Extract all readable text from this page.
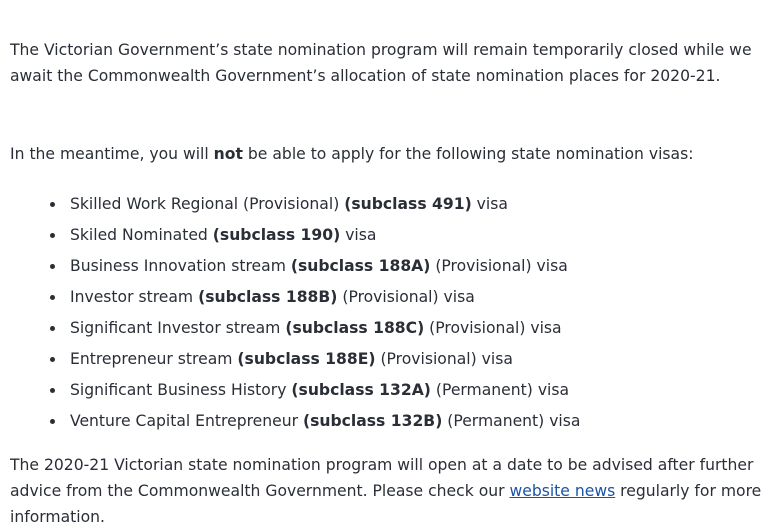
The Victorian Government’s state nomination program will remain temporarily closed while we await the Commonwealth Government’s allocation of state nomination places for 2020-21.

In the meantime, you will not be able to apply for the following state nomination visas:

Skilled Work Regional (Provisional) (subclass 491) visa
Skiled Nominated (subclass 190) visa
Business Innovation stream (subclass 188A) (Provisional) visa
Investor stream (subclass 188B) (Provisional) visa
Significant Investor stream (subclass 188C) (Provisional) visa
Entrepreneur stream (subclass 188E) (Provisional) visa
Significant Business History (subclass 132A) (Permanent) visa
Venture Capital Entrepreneur (subclass 132B) (Permanent) visa

The 2020-21 Victorian state nomination program will open at a date to be advised after further advice from the Commonwealth Government. Please check our website news regularly for more information.
